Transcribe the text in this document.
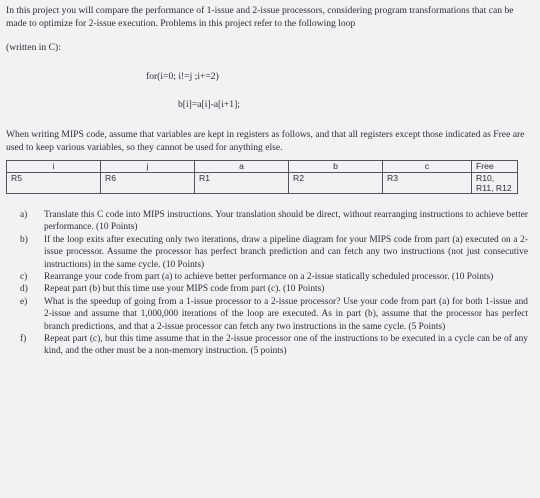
In this project you will compare the performance of 1-issue and 2-issue processors, considering program transformations that can be made to optimize for 2-issue execution. Problems in this project refer to the following loop
(written in C):
for(i=0; i!=j ;i+=2)
b[i]=a[i]-a[i+1];
When writing MIPS code, assume that variables are kept in registers as follows, and that all registers except those indicated as Free are used to keep various variables, so they cannot be used for anything else.
i	j	a	b	c	Free
R5	R6	R1	R2	R3	R10, R11, R12
a)	Translate this C code into MIPS instructions. Your translation should be direct, without rearranging instructions to achieve better performance. (10 Points)
b)	If the loop exits after executing only two iterations, draw a pipeline diagram for your MIPS code from part (a) executed on a 2-issue processor. Assume the processor has perfect branch prediction and can fetch any two instructions (not just consecutive instructions) in the same cycle. (10 Points)
c)	Rearrange your code from part (a) to achieve better performance on a 2-issue statically scheduled processor. (10 Points)
d)	Repeat part (b) but this time use your MIPS code from part (c). (10 Points)
e)	What is the speedup of going from a 1-issue processor to a 2-issue processor? Use your code from part (a) for both 1-issue and 2-issue and assume that 1,000,000 iterations of the loop are executed. As in part (b), assume that the processor has perfect branch predictions, and that a 2-issue processor can fetch any two instructions in the same cycle. (5 Points)
f)	Repeat part (c), but this time assume that in the 2-issue processor one of the instructions to be executed in a cycle can be of any kind, and the other must be a non-memory instruction. (5 points)
